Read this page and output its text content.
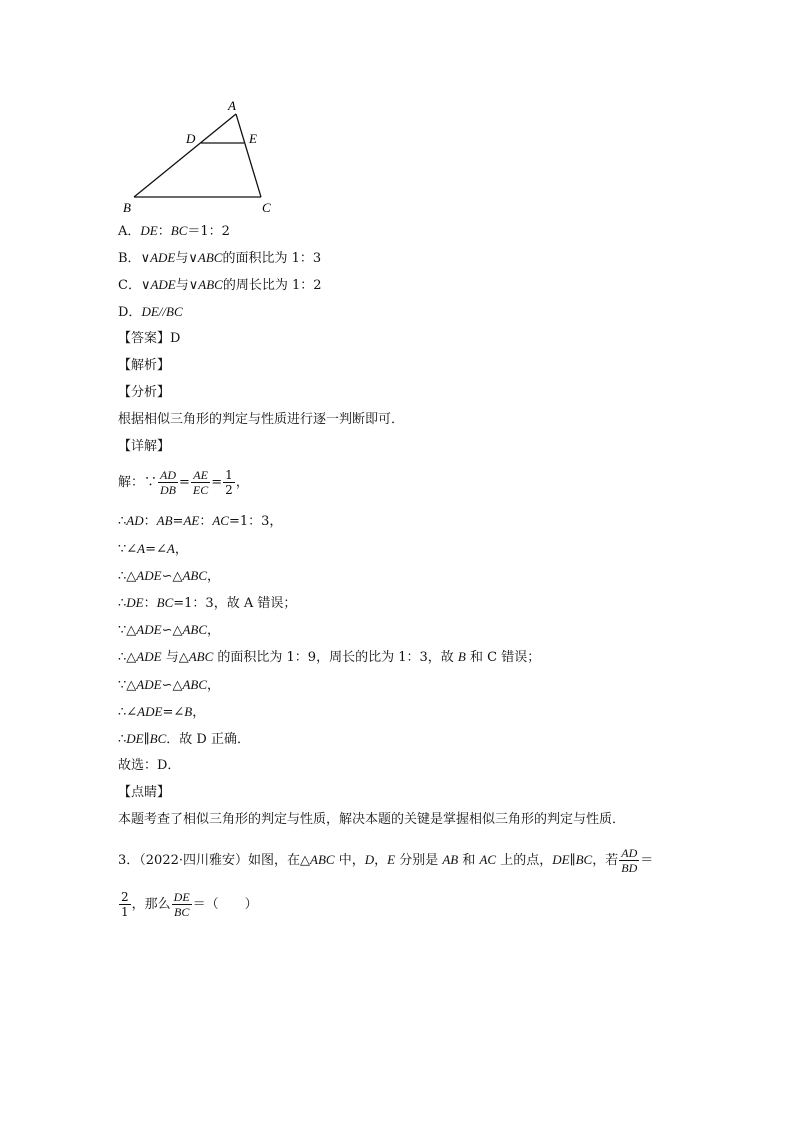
A
D	E
B	C
A．DE：BC＝1：2
B．∨ADE与∨ABC的面积比为 1：3
C．∨ADE与∨ABC的周长比为 1：2
D．DE//BC
【答案】D
【解析】
【分析】
根据相似三角形的判定与性质进行逐一判断即可．
【详解】
解：∵ $\frac{AD}{DB} = \frac{AE}{EC} = \frac{1}{2}$ ，
∴AD：AB=AE：AC=1：3，
∵∠A=∠A，
∴△ADE∽△ABC，
∴DE：BC=1：3，故 A 错误；
∵△ADE∽△ABC，
∴△ADE 与△ABC 的面积比为 1：9，周长的比为 1：3，故 B 和 C 错误；
∵△ADE∽△ABC，
∴∠ADE=∠B，
∴DE∥BC．故 D 正确．
故选：D．
【点睛】
本题考查了相似三角形的判定与性质，解决本题的关键是掌握相似三角形的判定与性质．
3．（2022·四川雅安）如图，在△ABC 中，D，E 分别是 AB 和 AC 上的点，DE∥BC，若 $\frac{AD}{BD}$ ＝
$\frac{2}{1}$ ，那么 $\frac{DE}{BC}$ ＝（　　）
